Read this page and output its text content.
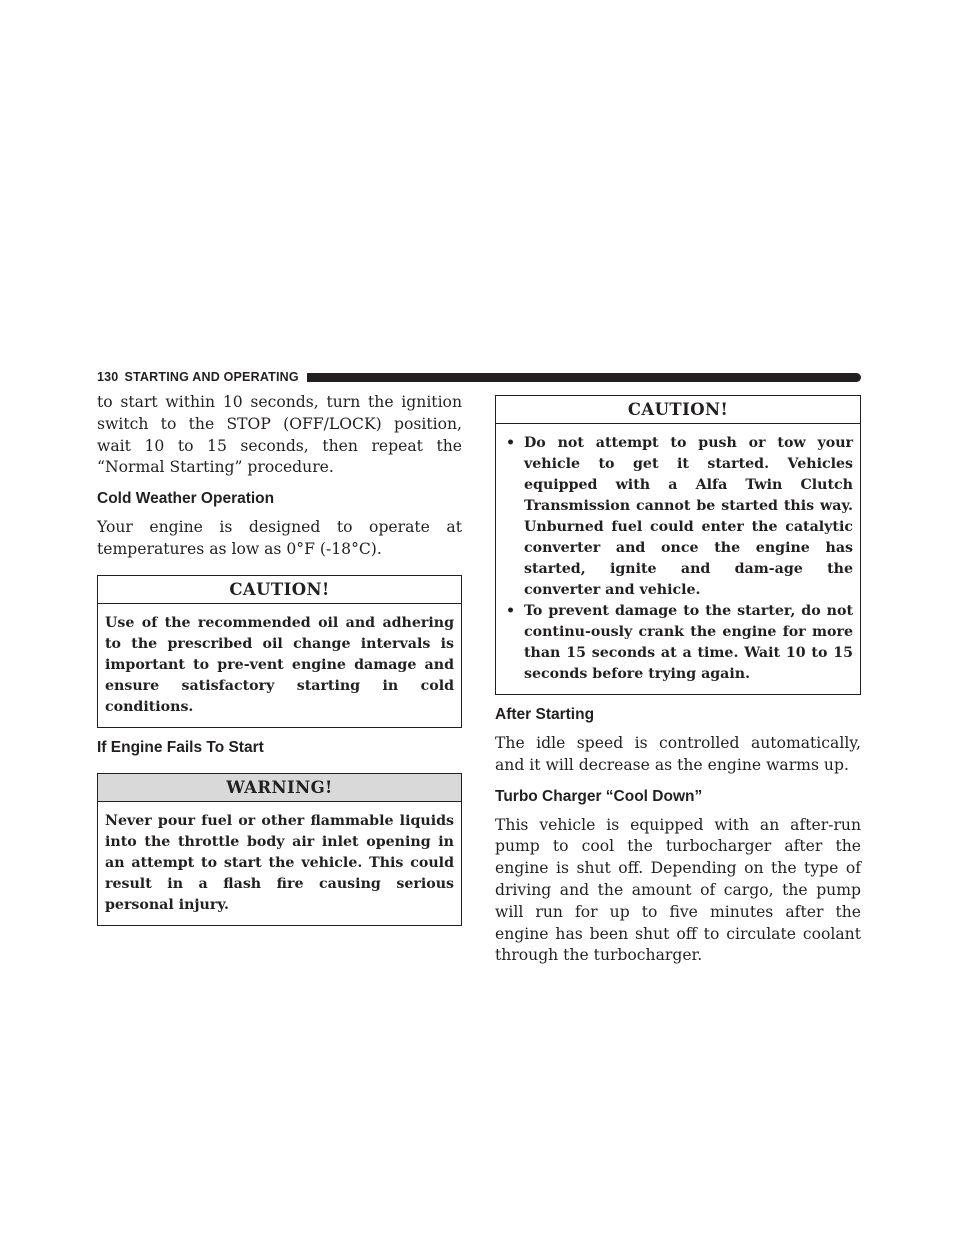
130 STARTING AND OPERATING

to start within 10 seconds, turn the ignition switch to the STOP (OFF/LOCK) position, wait 10 to 15 seconds, then repeat the “Normal Starting” procedure.

Cold Weather Operation

Your engine is designed to operate at temperatures as low as 0°F (-18°C).

CAUTION!
Use of the recommended oil and adhering to the prescribed oil change intervals is important to pre-vent engine damage and ensure satisfactory starting in cold conditions.
If Engine Fails To Start
WARNING!
Never pour fuel or other flammable liquids into the throttle body air inlet opening in an attempt to start the vehicle. This could result in a flash fire causing serious personal injury.
CAUTION!
• Do not attempt to push or tow your vehicle to get it started. Vehicles equipped with a Alfa Twin Clutch Transmission cannot be started this way. Unburned fuel could enter the catalytic converter and once the engine has started, ignite and dam-age the converter and vehicle.
• To prevent damage to the starter, do not continu-ously crank the engine for more than 15 seconds at a time. Wait 10 to 15 seconds before trying again.
After Starting

The idle speed is controlled automatically, and it will decrease as the engine warms up.

Turbo Charger “Cool Down”

This vehicle is equipped with an after-run pump to cool the turbocharger after the engine is shut off. Depending on the type of driving and the amount of cargo, the pump will run for up to five minutes after the engine has been shut off to circulate coolant through the turbocharger.
